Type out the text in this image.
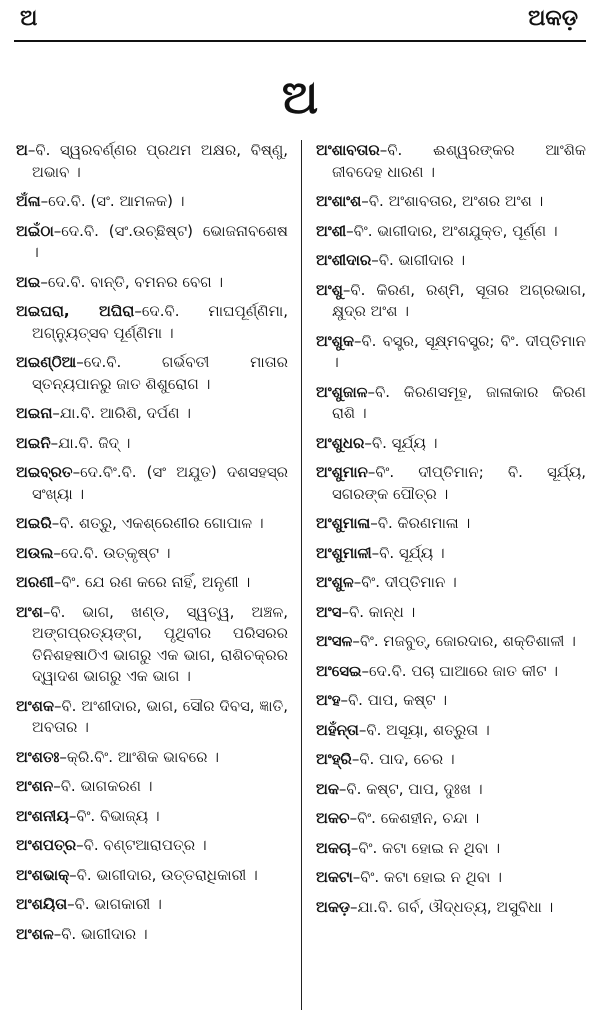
ଅ	ଅକଡ଼
ଅ
ଅ–ବି. ସ୍ୱରବର୍ଣ୍ଣର ପ୍ରଥମ ଅକ୍ଷର, ବିଷ୍ଣୁ, ଅଭାବ ।
ଅଁଳା–ଦେ.ବି. (ସଂ. ଆମଳକ) ।
ଅଇଁଠା–ଦେ.ବି. (ସଂ.ଉଚ୍ଛିଷ୍ଟ) ଭୋଜନାବଶେଷ ।
ଅଇ–ଦେ.ବି. ବାନ୍ତି, ବମନର ବେଗ ।
ଅଇଘରା, ଅଘିରା–ଦେ.ବି. ମାଘପୂର୍ଣ୍ଣିମା, ଅଗ୍ନ୍ୟୁତ୍ସବ ପୂର୍ଣ୍ଣିମା ।
ଅଇଣ୍ଠିଆ–ଦେ.ବି. ଗର୍ଭବତୀ ମାତାର ସ୍ତନ୍ୟପାନରୁ ଜାତ ଶିଶୁରୋଗ ।
ଅଇନା–ଯା.ବି. ଆରିଶି, ଦର୍ପଣ ।
ଅଇନି–ଯା.ବି. ଜିଦ୍ ।
ଅଇବ୍ରତ–ଦେ.ବିଂ.ବି. (ସଂ ଅଯୁତ) ଦଶସହସ୍ର ସଂଖ୍ୟା ।
ଅଇରି–ବି. ଶତ୍ରୁ, ଏକଶ୍ରେଣୀର ଗୋପାଳ ।
ଅଉଲ–ଦେ.ବି. ଉତ୍କୃଷ୍ଟ ।
ଅରଣୀ–ବିଂ. ଯେ ରଣ କରେ ନାହିଁ, ଅନୃଣୀ ।
ଅଂଶ–ବି. ଭାଗ, ଖଣ୍ଡ, ସ୍ୱତ୍ୱ, ଅଞ୍ଚଳ, ଅଙ୍ଗପ୍ରତ୍ୟଙ୍ଗ, ପୃଥିବୀର ପରିସରର ତିନିଶହଷାଠିଏ ଭାଗରୁ ଏକ ଭାଗ, ରାଶିଚକ୍ରର ଦ୍ୱାଦଶ ଭାଗରୁ ଏକ ଭାଗ ।
ଅଂଶକ–ବି. ଅଂଶୀଦାର, ଭାଗ, ସୌର ଦିବସ, ଜ୍ଞାତି, ଅବତାର ।
ଅଂଶତଃ–କ୍ରି.ବିଂ. ଆଂଶିକ ଭାବରେ ।
ଅଂଶନ–ବି. ଭାଗକରଣ ।
ଅଂଶନୀୟ–ବିଂ. ବିଭାଜ୍ୟ ।
ଅଂଶପତ୍ର–ବି. ବଣ୍ଟଆରାପତ୍ର ।
ଅଂଶଭାକ୍–ବି. ଭାଗୀଦାର, ଉତ୍ତରାଧିକାରୀ ।
ଅଂଶୟିତା–ବି. ଭାଗକାରୀ ।
ଅଂଶଳ–ବି. ଭାଗୀଦାର ।
ଅଂଶାବତାର–ବି. ଈଶ୍ୱରଙ୍କର ଆଂଶିକ ଜୀବଦେହ ଧାରଣ ।
ଅଂଶାଂଶ–ବି. ଅଂଶାବତାର, ଅଂଶର ଅଂଶ ।
ଅଂଶୀ–ବିଂ. ଭାଗୀଦାର, ଅଂଶଯୁକ୍ତ, ପୂର୍ଣ୍ଣ ।
ଅଂଶୀଦାର–ବି. ଭାଗୀଦାର ।
ଅଂଶୁ–ବି. କିରଣ, ରଶ୍ମି, ସୂତାର ଅଗ୍ରଭାଗ, କ୍ଷୁଦ୍ର ଅଂଶ ।
ଅଂଶୁକ–ବି. ବସ୍ତ୍ର, ସୂକ୍ଷ୍ମବସ୍ତ୍ର; ବିଂ. ଦୀପ୍ତିମାନ ।
ଅଂଶୁଜାଳ–ବି. କିରଣସମୂହ, ଜାଳାକାର କିରଣ ରାଶି ।
ଅଂଶୁଧର–ବି. ସୂର୍ଯ୍ୟ ।
ଅଂଶୁମାନ–ବିଂ. ଦୀପ୍ତିମାନ; ବି. ସୂର୍ଯ୍ୟ, ସଗରଙ୍କ ପୌତ୍ର ।
ଅଂଶୁମାଳା–ବି. କିରଣମାଳା ।
ଅଂଶୁମାଳୀ–ବି. ସୂର୍ଯ୍ୟ ।
ଅଂଶୁଳ–ବିଂ. ଦୀପ୍ତିମାନ ।
ଅଂସ–ବି. କାନ୍ଧ ।
ଅଂସଳ–ବିଂ. ମଜବୁତ୍, ଜୋରଦାର, ଶକ୍ତିଶାଳୀ ।
ଅଂସେଇ–ଦେ.ବି. ପଚା ଘାଆରେ ଜାତ କୀଟ ।
ଅଂହ–ବି. ପାପ, କଷ୍ଟ ।
ଅହଁନ୍ତା–ବି. ଅସୂୟା, ଶତ୍ରୁତା ।
ଅଂହ୍ରି–ବି. ପାଦ, ଚେର ।
ଅକ–ବି. କଷ୍ଟ, ପାପ, ଦୁଃଖ ।
ଅକଚ–ବିଂ. କେଶହୀନ, ଚନ୍ଦା ।
ଅକଚା–ବିଂ. କଟା ହୋଇ ନ ଥିବା ।
ଅକଟା–ବିଂ. କଟା ହୋଇ ନ ଥିବା ।
ଅକଡ଼–ଯା.ବି. ଗର୍ବ, ଔଦ୍ଧତ୍ୟ, ଅସୁବିଧା ।
